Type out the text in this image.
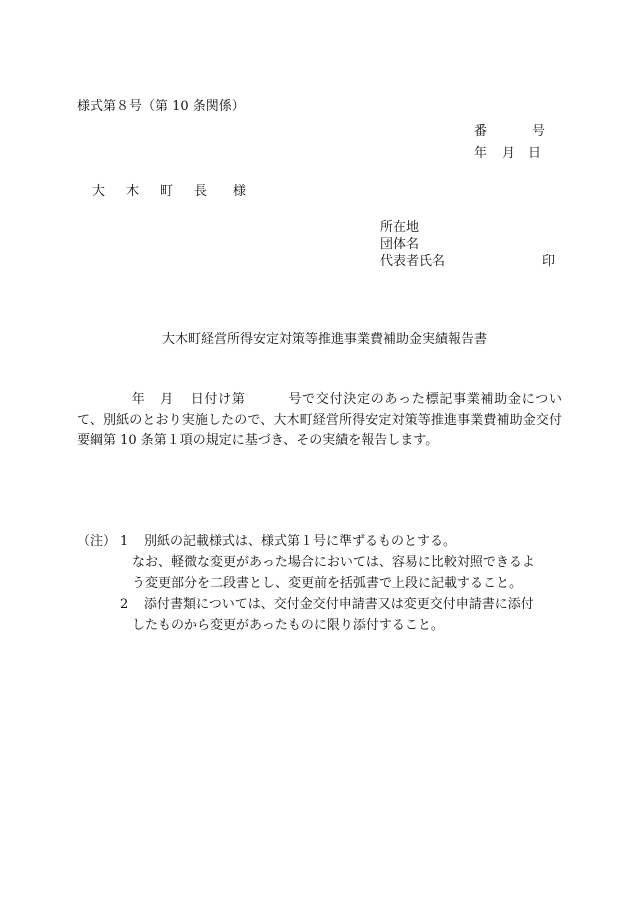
様式第８号（第 10 条関係）
番	号
年 月 日
大 木 町 長 様
所在地
団体名
代表者氏名	印
大木町経営所得安定対策等推進事業費補助金実績報告書
年 月 日付け第	号で交付決定のあった標記事業補助金について、別紙のとおり実施したので、大木町経営所得安定対策等推進事業費補助金交付要綱第 10 条第１項の規定に基づき、その実績を報告します。
（注） 1 別紙の記載様式は、様式第１号に準ずるものとする。
なお、軽微な変更があった場合においては、容易に比較対照できるよ
う変更部分を二段書とし、変更前を括弧書で上段に記載すること。
2 添付書類については、交付金交付申請書又は変更交付申請書に添付
したものから変更があったものに限り添付すること。
